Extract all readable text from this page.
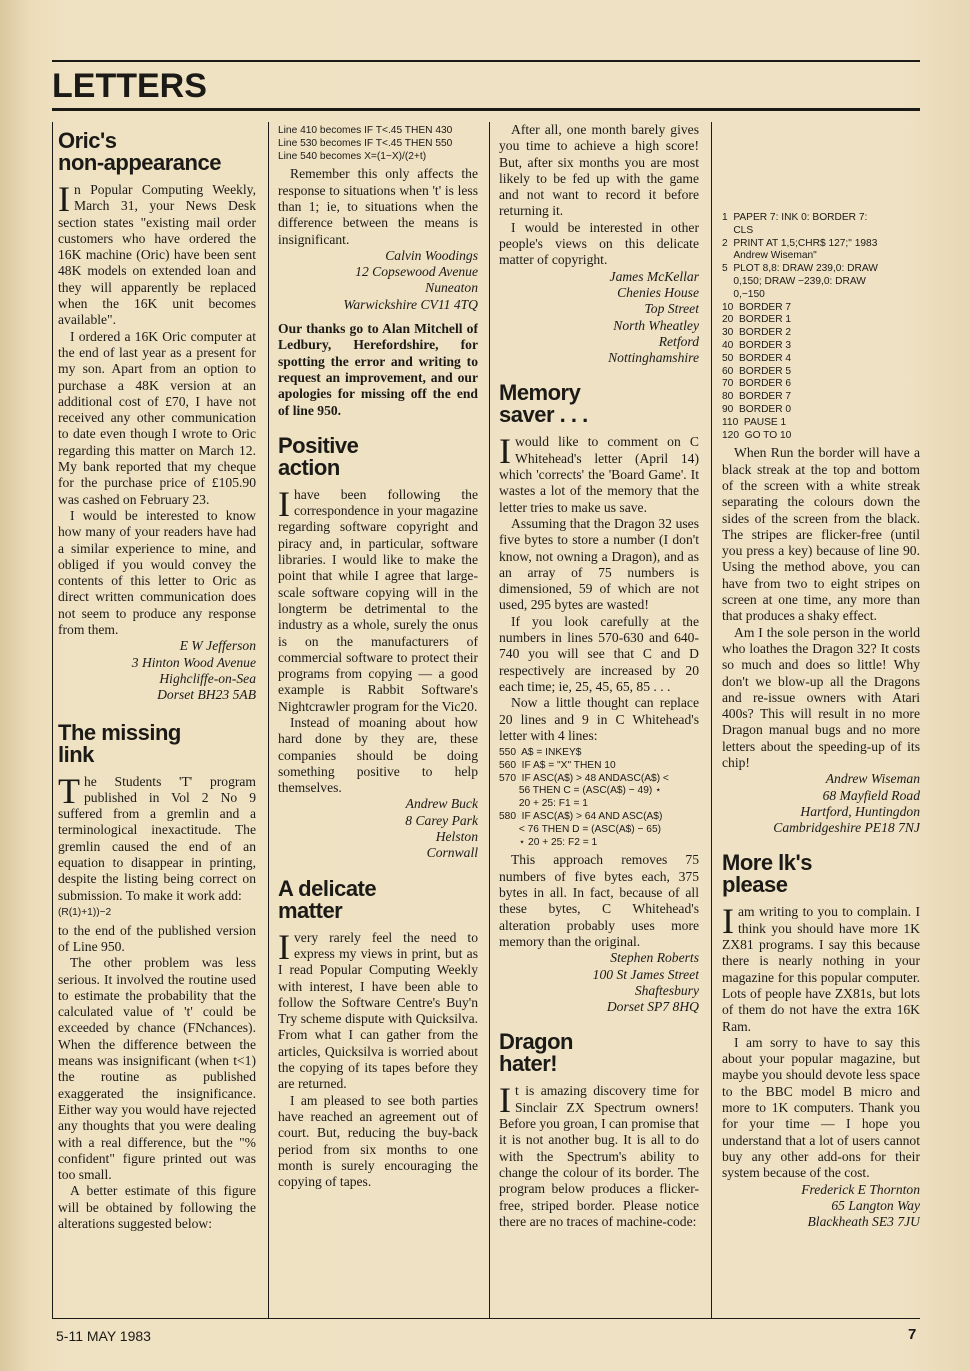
LETTERS
Oric's
non-appearance

In Popular Computing Weekly, March 31, your News Desk section states "existing mail order customers who have ordered the 16K machine (Oric) have been sent 48K models on extended loan and they will apparently be replaced when the 16K unit becomes available".

I ordered a 16K Oric computer at the end of last year as a present for my son. Apart from an option to purchase a 48K version at an additional cost of £70, I have not received any other communication to date even though I wrote to Oric regarding this matter on March 12. My bank reported that my cheque for the purchase price of £105.90 was cashed on February 23.

I would be interested to know how many of your readers have had a similar experience to mine, and obliged if you would convey the contents of this letter to Oric as direct written communication does not seem to produce any response from them.

E W Jefferson
3 Hinton Wood Avenue
Highcliffe-on-Sea
Dorset BH23 5AB

The missing
link

The Students 'T' program published in Vol 2 No 9 suffered from a gremlin and a terminological inexactitude. The gremlin caused the end of an equation to disappear in printing, despite the listing being correct on submission. To make it work add:

(R(1)+1))−2

to the end of the published version of Line 950.

The other problem was less serious. It involved the routine used to estimate the probability that the calculated value of 't' could be exceeded by chance (FNchances). When the difference between the means was insignificant (when t<1) the routine as published exaggerated the insignificance. Either way you would have rejected any thoughts that you were dealing with a real difference, but the "% confident" figure printed out was too small.

A better estimate of this figure will be obtained by following the alterations suggested below:

Line 410 becomes IF T<.45 THEN 430
Line 530 becomes IF T<.45 THEN 550
Line 540 becomes X=(1−X)/(2+t)

Remember this only affects the response to situations when 't' is less than 1; ie, to situations when the difference between the means is insignificant.

Calvin Woodings
12 Copsewood Avenue
Nuneaton
Warwickshire CV11 4TQ

Our thanks go to Alan Mitchell of Ledbury, Herefordshire, for spotting the error and writing to request an improvement, and our apologies for missing off the end of line 950.

Positive
action

Ihave been following the correspondence in your magazine regarding software copyright and piracy and, in particular, software libraries. I would like to make the point that while I agree that large-scale software copying will in the longterm be detrimental to the industry as a whole, surely the onus is on the manufacturers of commercial software to protect their programs from copying — a good example is Rabbit Software's Nightcrawler program for the Vic20.

Instead of moaning about how hard done by they are, these companies should be doing something positive to help themselves.

Andrew Buck
8 Carey Park
Helston
Cornwall

A delicate
matter

Ivery rarely feel the need to express my views in print, but as I read Popular Computing Weekly with interest, I have been able to follow the Software Centre's Buy'n Try scheme dispute with Quicksilva. From what I can gather from the articles, Quicksilva is worried about the copying of its tapes before they are returned.

I am pleased to see both parties have reached an agreement out of court. But, reducing the buy-back period from six months to one month is surely encouraging the copying of tapes.

After all, one month barely gives you time to achieve a high score! But, after six months you are most likely to be fed up with the game and not want to record it before returning it.

I would be interested in other people's views on this delicate matter of copyright.

James McKellar
Chenies House
Top Street
North Wheatley
Retford
Nottinghamshire

Memory
saver . . .

Iwould like to comment on C Whitehead's letter (April 14) which 'corrects' the 'Board Game'. It wastes a lot of the memory that the letter tries to make us save.

Assuming that the Dragon 32 uses five bytes to store a number (I don't know, not owning a Dragon), and as an array of 75 numbers is dimensioned, 59 of which are not used, 295 bytes are wasted!

If you look carefully at the numbers in lines 570-630 and 640-740 you will see that C and D respectively are increased by 20 each time; ie, 25, 45, 65, 85 . . .

Now a little thought can replace 20 lines and 9 in C Whitehead's letter with 4 lines:

550  A$ = INKEY$
560  IF A$ = "X" THEN 10
570  IF ASC(A$) > 48 ANDASC(A$) <
56 THEN C = (ASC(A$) − 49) ⋆
20 + 25: F1 = 1
580  IF ASC(A$) > 64 AND ASC(A$)
< 76 THEN D = (ASC(A$) − 65)
⋆ 20 + 25: F2 = 1

This approach removes 75 numbers of five bytes each, 375 bytes in all. In fact, because of all these bytes, C Whitehead's alteration probably uses more memory than the original.

Stephen Roberts
100 St James Street
Shaftesbury
Dorset SP7 8HQ

Dragon
hater!

It is amazing discovery time for Sinclair ZX Spectrum owners! Before you groan, I can promise that it is not another bug. It is all to do with the Spectrum's ability to change the colour of its border. The program below produces a flicker-free, striped border. Please notice there are no traces of machine-code:

1  PAPER 7: INK 0: BORDER 7:
CLS
2  PRINT AT 1,5;CHR$ 127;" 1983
Andrew Wiseman"
5  PLOT 8,8: DRAW 239,0: DRAW
0,150; DRAW −239,0: DRAW
0,−150
10  BORDER 7
20  BORDER 1
30  BORDER 2
40  BORDER 3
50  BORDER 4
60  BORDER 5
70  BORDER 6
80  BORDER 7
90  BORDER 0
110  PAUSE 1
120  GO TO 10

When Run the border will have a black streak at the top and bottom of the screen with a white streak separating the colours down the sides of the screen from the black. The stripes are flicker-free (until you press a key) because of line 90. Using the method above, you can have from two to eight stripes on screen at one time, any more than that produces a shaky effect.

Am I the sole person in the world who loathes the Dragon 32? It costs so much and does so little! Why don't we blow-up all the Dragons and re-issue owners with Atari 400s? This will result in no more Dragon manual bugs and no more letters about the speeding-up of its chip!

Andrew Wiseman
68 Mayfield Road
Hartford, Huntingdon
Cambridgeshire PE18 7NJ

More lk's
please

Iam writing to you to complain. I think you should have more 1K ZX81 programs. I say this because there is nearly nothing in your magazine for this popular computer. Lots of people have ZX81s, but lots of them do not have the extra 16K Ram.

I am sorry to have to say this about your popular magazine, but maybe you should devote less space to the BBC model B micro and more to 1K computers. Thank you for your time — I hope you understand that a lot of users cannot buy any other add-ons for their system because of the cost.

Frederick E Thornton
65 Langton Way
Blackheath SE3 7JU

5-11 MAY 1983	7
